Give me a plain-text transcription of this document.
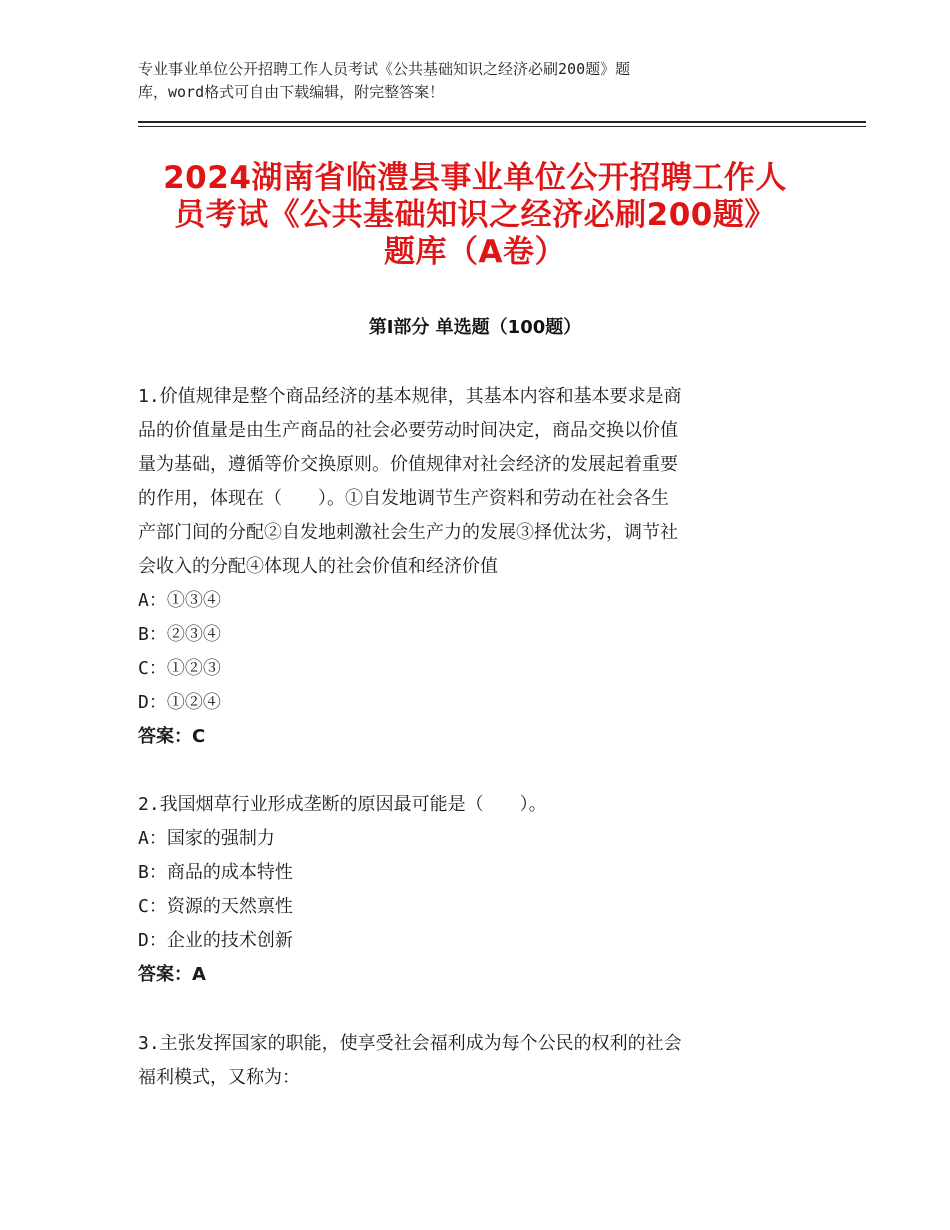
专业事业单位公开招聘工作人员考试《公共基础知识之经济必刷200题》题
库，word格式可自由下载编辑，附完整答案！
2024湖南省临澧县事业单位公开招聘工作人
员考试《公共基础知识之经济必刷200题》
题库（A卷）
第Ⅰ部分 单选题（100题）
1.价值规律是整个商品经济的基本规律，其基本内容和基本要求是商
品的价值量是由生产商品的社会必要劳动时间决定，商品交换以价值
量为基础，遵循等价交换原则。价值规律对社会经济的发展起着重要
的作用，体现在（　　）。①自发地调节生产资料和劳动在社会各生
产部门间的分配②自发地刺激社会生产力的发展③择优汰劣，调节社
会收入的分配④体现人的社会价值和经济价值
A：①③④
B：②③④
C：①②③
D：①②④
答案：C
2.我国烟草行业形成垄断的原因最可能是（　　）。
A：国家的强制力
B：商品的成本特性
C：资源的天然禀性
D：企业的技术创新
答案：A
3.主张发挥国家的职能，使享受社会福利成为每个公民的权利的社会
福利模式，又称为：
